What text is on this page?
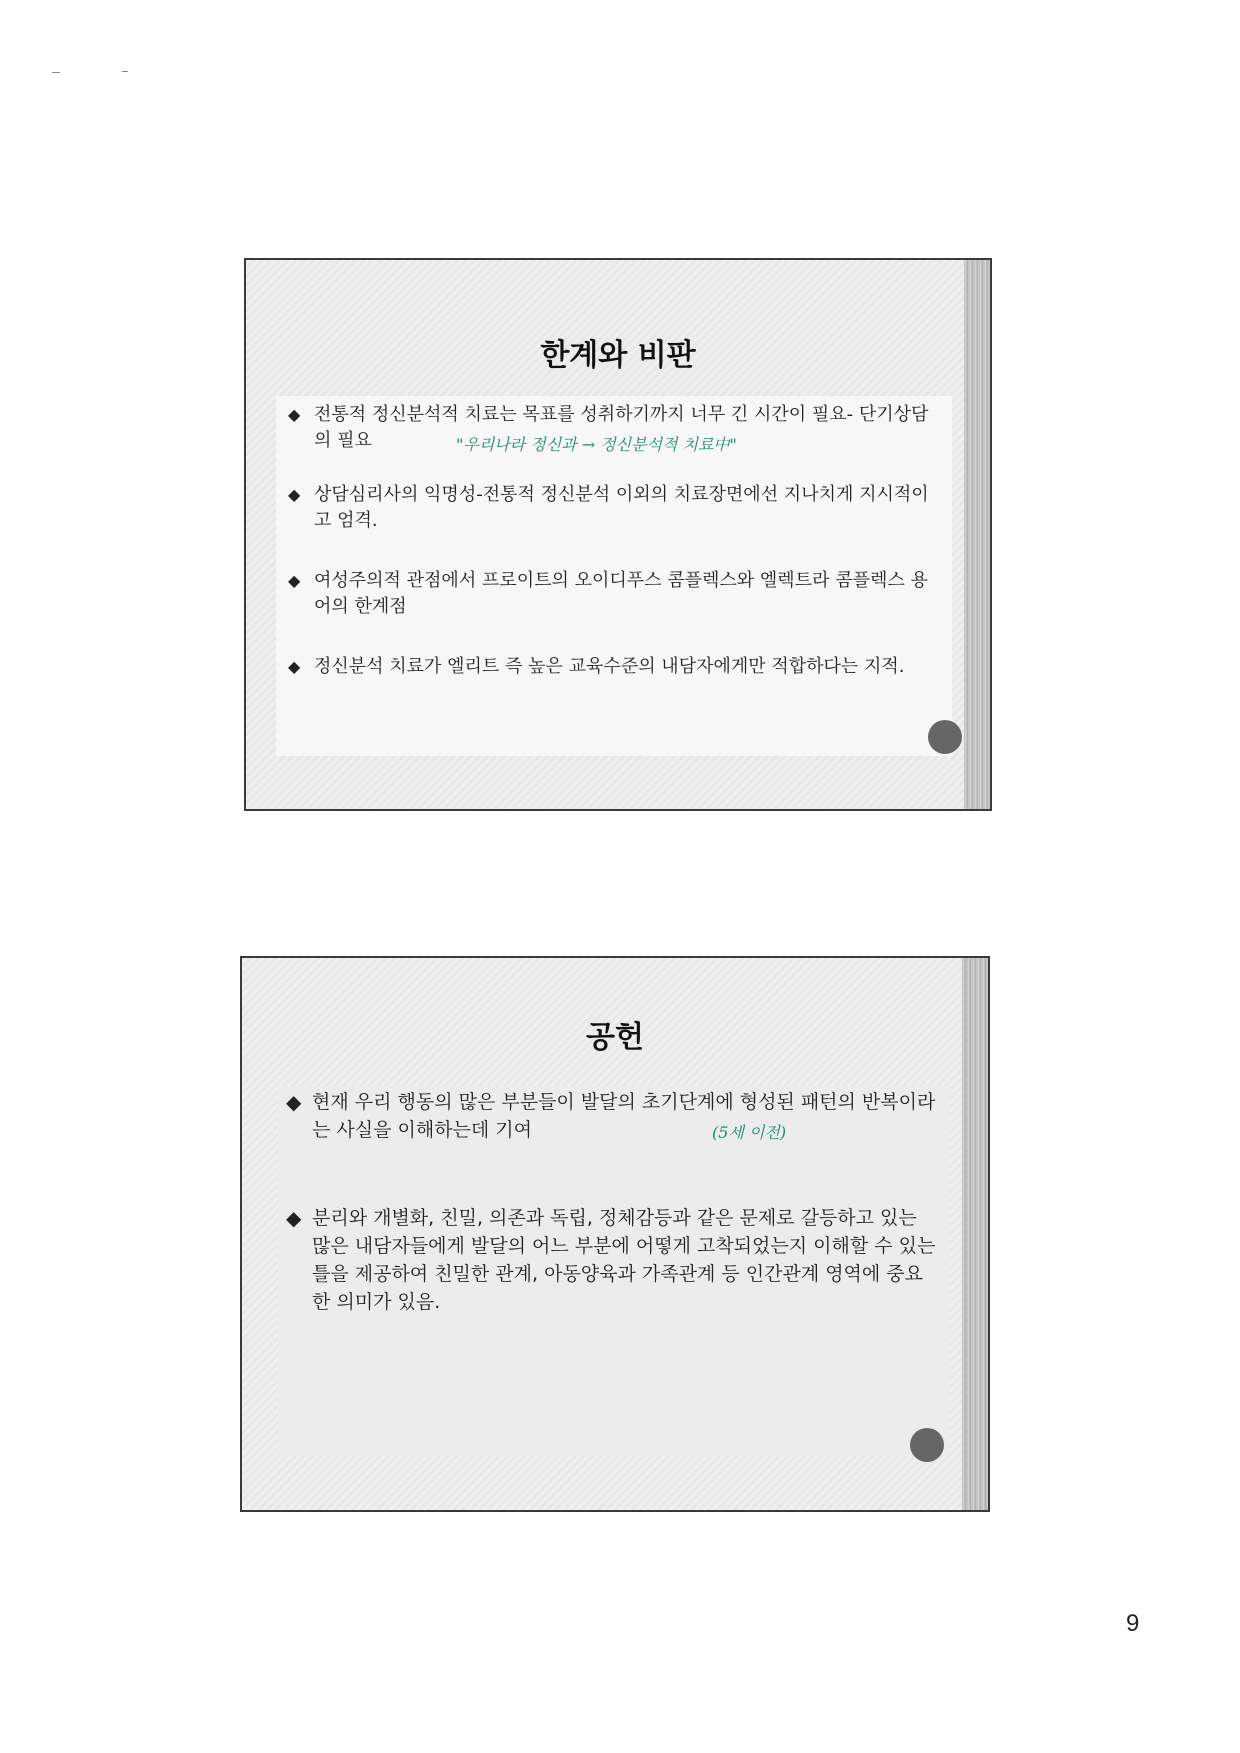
한계와 비판
◆ 전통적 정신분석적 치료는 목표를 성취하기까지 너무 긴 시간이 필요- 단기상담의 필요	"우리나라 정신과 → 정신분석적 치료中"
◆ 상담심리사의 익명성-전통적 정신분석 이외의 치료장면에선 지나치게 지시적이고 엄격.
◆ 여성주의적 관점에서 프로이트의 오이디푸스 콤플렉스와 엘렉트라 콤플렉스 용어의 한계점
◆ 정신분석 치료가 엘리트 즉 높은 교육수준의 내담자에게만 적합하다는 지적.
공헌
◆ 현재 우리 행동의 많은 부분들이 발달의 초기단계에 형성된 패턴의 반복이라는 사실을 이해하는데 기여	(5세 이전)
◆ 분리와 개별화, 친밀, 의존과 독립, 정체감등과 같은 문제로 갈등하고 있는 많은 내담자들에게 발달의 어느 부분에 어떻게 고착되었는지 이해할 수 있는 틀을 제공하여 친밀한 관계, 아동양육과 가족관계 등 인간관계 영역에 중요한 의미가 있음.
9
